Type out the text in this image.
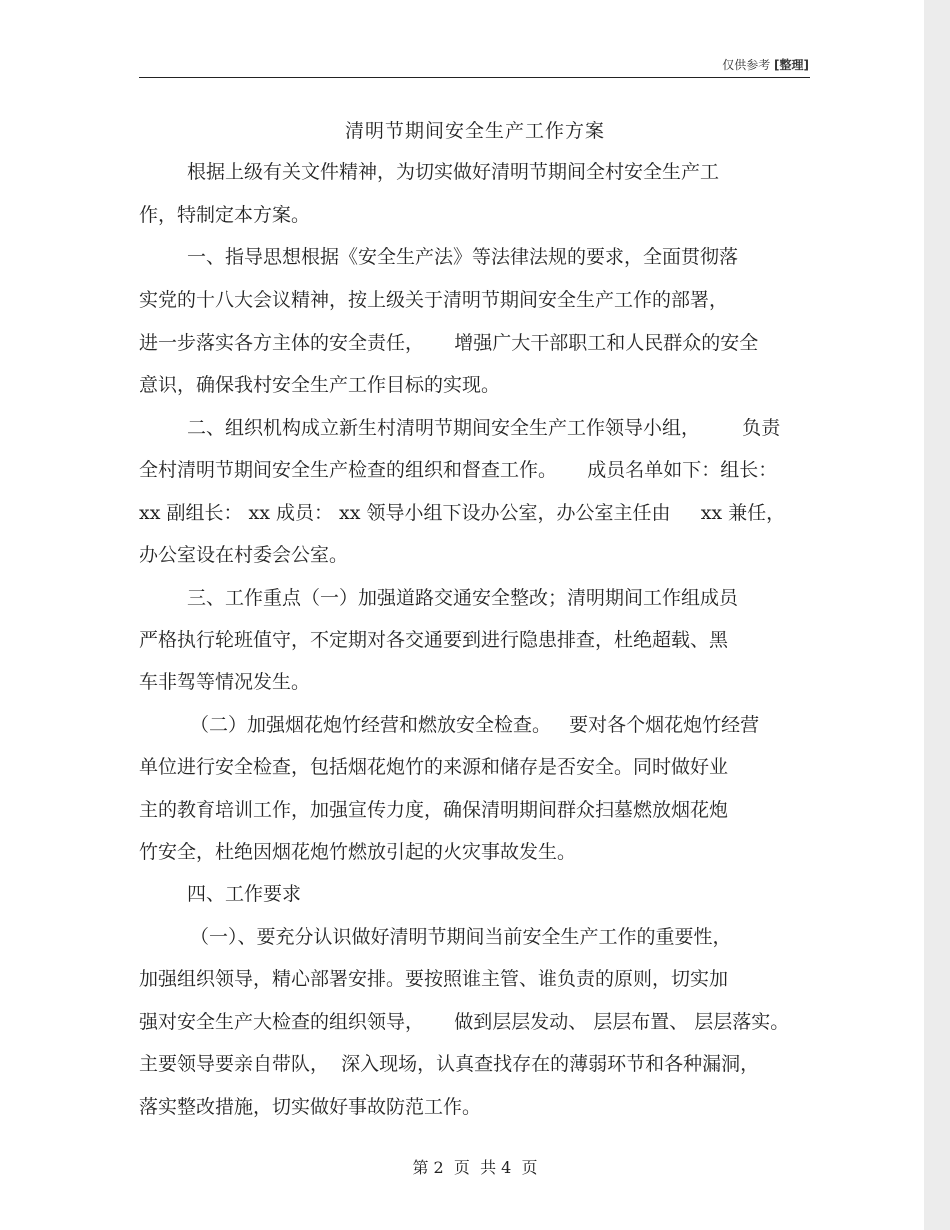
仅供参考 [整理]
清明节期间安全生产工作方案
根据上级有关文件精神，为切实做好清明节期间全村安全生产工
作，特制定本方案。
一、指导思想根据《安全生产法》等法律法规的要求，全面贯彻落
实党的十八大会议精神，按上级关于清明节期间安全生产工作的部署，
进一步落实各方主体的安全责任，     增强广大干部职工和人民群众的安全
意识，确保我村安全生产工作目标的实现。
二、组织机构成立新生村清明节期间安全生产工作领导小组，       负责
全村清明节期间安全生产检查的组织和督查工作。     成员名单如下：组长：
xx 副组长： xx 成员： xx 领导小组下设办公室，办公室主任由     xx 兼任，
办公室设在村委会公室。
三、工作重点（一）加强道路交通安全整改；清明期间工作组成员
严格执行轮班值守，不定期对各交通要到进行隐患排查，杜绝超载、黑
车非驾等情况发生。
（二）加强烟花炮竹经营和燃放安全检查。   要对各个烟花炮竹经营
单位进行安全检查，包括烟花炮竹的来源和储存是否安全。同时做好业
主的教育培训工作，加强宣传力度，确保清明期间群众扫墓燃放烟花炮
竹安全，杜绝因烟花炮竹燃放引起的火灾事故发生。
四、工作要求
（一）、要充分认识做好清明节期间当前安全生产工作的重要性，
加强组织领导，精心部署安排。要按照谁主管、谁负责的原则，切实加
强对安全生产大检查的组织领导，     做到层层发动、 层层布置、 层层落实。
主要领导要亲自带队，  深入现场，认真查找存在的薄弱环节和各种漏洞，
落实整改措施，切实做好事故防范工作。
第 2  页  共 4  页
